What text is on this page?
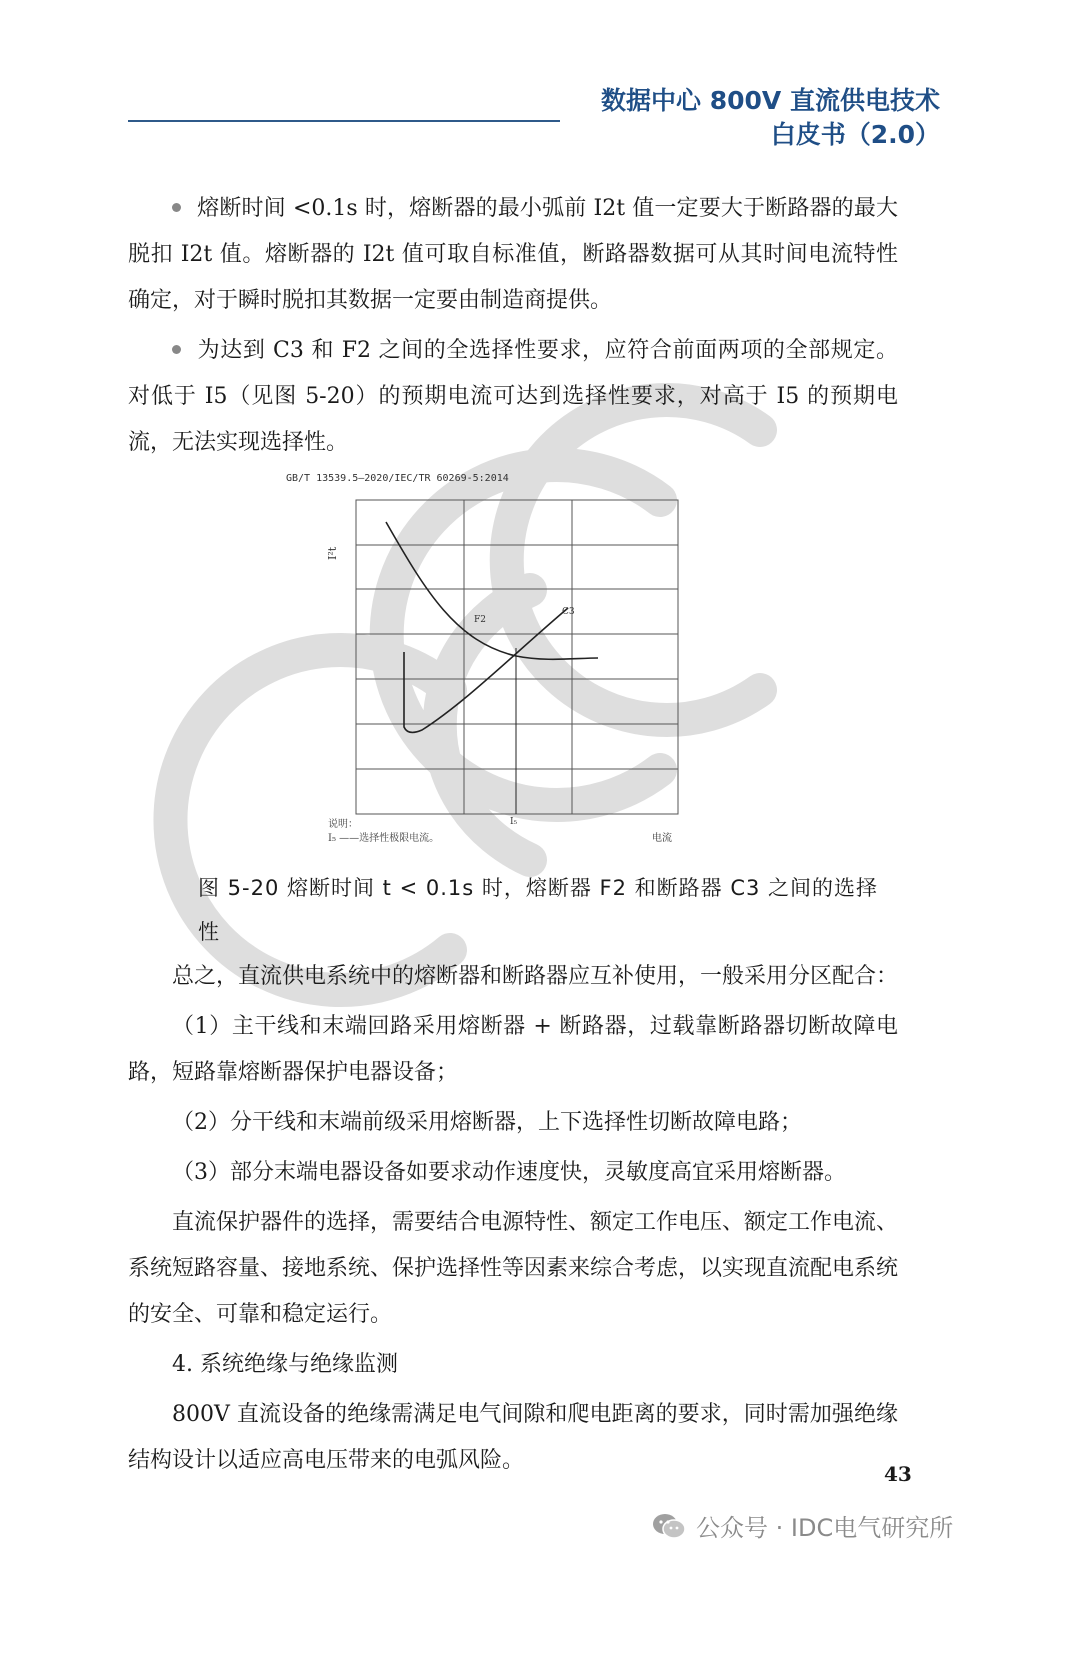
数据中心 800V 直流供电技术
白皮书（2.0）

熔断时间 <0.1s 时，熔断器的最小弧前 I2t 值一定要大于断路器的最大脱扣 I2t 值。熔断器的 I2t 值可取自标准值，断路器数据可从其时间电流特性确定，对于瞬时脱扣其数据一定要由制造商提供。

为达到 C3 和 F2 之间的全选择性要求，应符合前面两项的全部规定。对低于 I5（见图 5-20）的预期电流可达到选择性要求，对高于 I5 的预期电流，无法实现选择性。

GB/T 13539.5—2020/IEC/TR 60269-5:2014
I²t
F2
C3
I₅
电流
说明：
I₅ ——选择性极限电流。
图 5-20 熔断时间 t < 0.1s 时，熔断器 F2 和断路器 C3 之间的选择性

总之，直流供电系统中的熔断器和断路器应互补使用，一般采用分区配合：

（1）主干线和末端回路采用熔断器 + 断路器，过载靠断路器切断故障电路，短路靠熔断器保护电器设备；

（2）分干线和末端前级采用熔断器，上下选择性切断故障电路；

（3）部分末端电器设备如要求动作速度快，灵敏度高宜采用熔断器。

直流保护器件的选择，需要结合电源特性、额定工作电压、额定工作电流、系统短路容量、接地系统、保护选择性等因素来综合考虑，以实现直流配电系统的安全、可靠和稳定运行。

4. 系统绝缘与绝缘监测

800V 直流设备的绝缘需满足电气间隙和爬电距离的要求，同时需加强绝缘结构设计以适应高电压带来的电弧风险。

43
公众号 · IDC电气研究所
